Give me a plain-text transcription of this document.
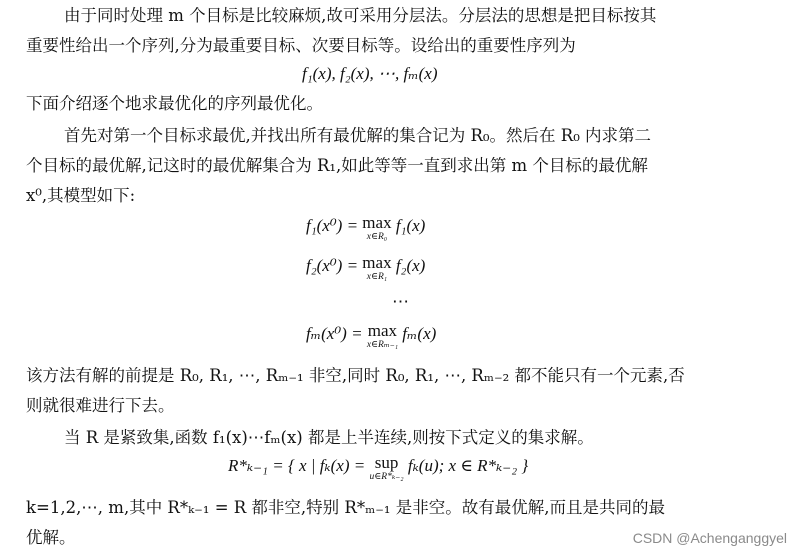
由于同时处理 m 个目标是比较麻烦,故可采用分层法。分层法的思想是把目标按其
重要性给出一个序列,分为最重要目标、次要目标等。设给出的重要性序列为
f₁(x), f₂(x), ⋯, fₘ(x)
下面介绍逐个地求最优化的序列最优化。
首先对第一个目标求最优,并找出所有最优解的集合记为 R₀。然后在 R₀ 内求第二
个目标的最优解,记这时的最优解集合为 R₁,如此等等一直到求出第 m 个目标的最优解
x⁰,其模型如下:
f₁(x⁰) = max
x∈R₀
f₁(x)
f₂(x⁰) = max
x∈R₁
f₂(x)
⋯
fₘ(x⁰) = max
x∈Rₘ₋₁
fₘ(x)
该方法有解的前提是 R₀, R₁, ⋯, Rₘ₋₁ 非空,同时 R₀, R₁, ⋯, Rₘ₋₂ 都不能只有一个元素,否
则就很难进行下去。
当 R 是紧致集,函数 f₁(x)⋯fₘ(x) 都是上半连续,则按下式定义的集求解。
R*ₖ₋₁ = { x | fₖ(x) = sup
u∈R*ₖ₋₂
fₖ(u); x ∈ R*ₖ₋₂ }
k=1,2,⋯, m,其中 R*ₖ₋₁ = R 都非空,特别 R*ₘ₋₁ 是非空。故有最优解,而且是共同的最
优解。	CSDN @Achenganggyel
